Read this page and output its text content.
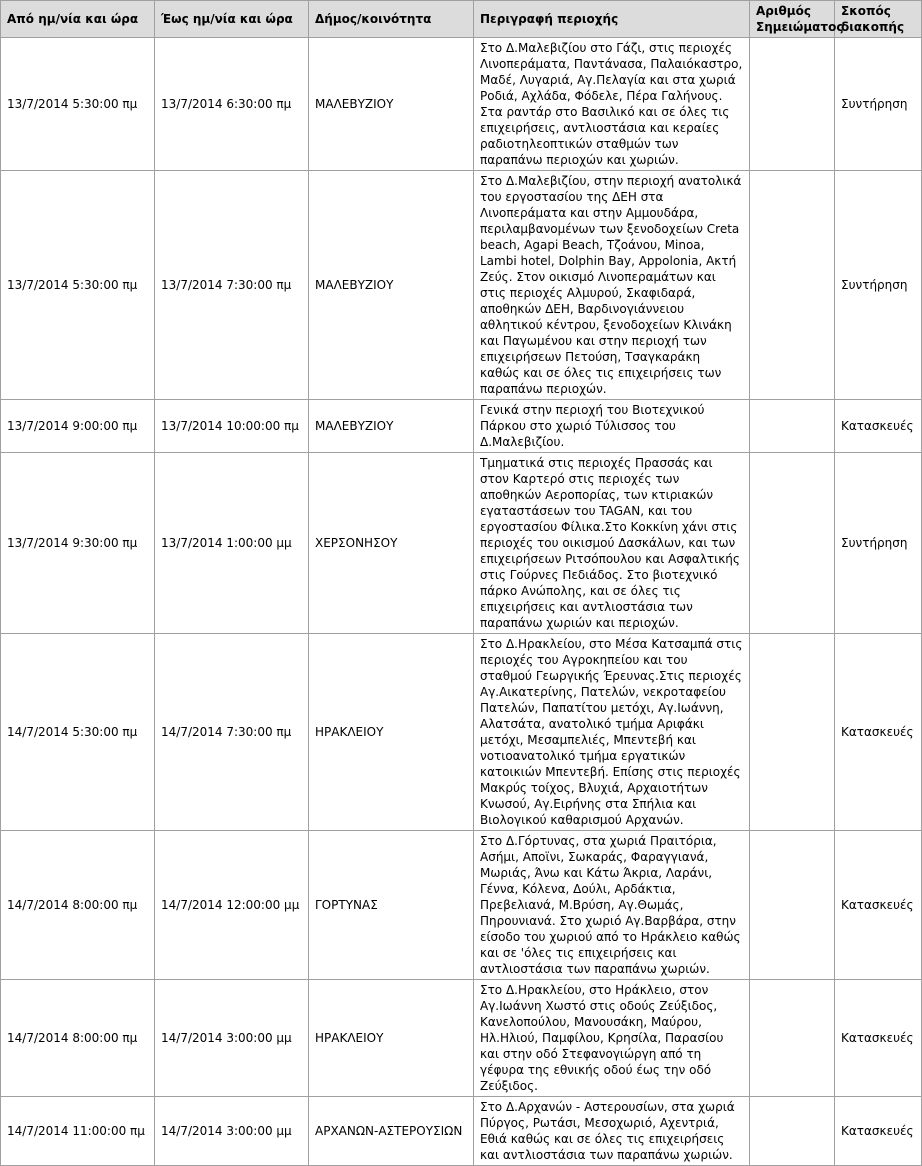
Από ημ/νία και ώρα	Έως ημ/νία και ώρα	Δήμος/κοινότητα	Περιγραφή περιοχής	Αριθμός Σημειώματος	Σκοπός διακοπής
13/7/2014 5:30:00 πμ	13/7/2014 6:30:00 πμ	ΜΑΛΕΒΥΖΙΟΥ	Στο Δ.Μαλεβιζίου στο Γάζι, στις περιοχές Λινοπεράματα, Παντάνασα, Παλαιόκαστρο, Μαδέ, Λυγαριά, Αγ.Πελαγία και στα χωριά Ροδιά, Αχλάδα, Φόδελε, Πέρα Γαλήνους. Στα ραντάρ στο Βασιλικό και σε όλες τις επιχειρήσεις, αντλιοστάσια και κεραίες ραδιοτηλεοπτικών σταθμών των παραπάνω περιοχών και χωριών.		Συντήρηση
13/7/2014 5:30:00 πμ	13/7/2014 7:30:00 πμ	ΜΑΛΕΒΥΖΙΟΥ	Στο Δ.Μαλεβιζίου, στην περιοχή ανατολικά του εργοστασίου της ΔΕΗ στα Λινοπεράματα και στην Αμμουδάρα, περιλαμβανομένων των ξενοδοχείων Creta beach, Agapi Beach, Τζοάνου, Minoa, Lambi hotel, Dolphin Bay, Appolonia, Ακτή Ζεύς. Στον οικισμό Λινοπεραμάτων και στις περιοχές Αλμυρού, Σκαφιδαρά, αποθηκών ΔΕΗ, Βαρδινογιάννειου αθλητικού κέντρου, ξενοδοχείων Κλινάκη και Παγωμένου και στην περιοχή των επιχειρήσεων Πετούση, Τσαγκαράκη καθώς και σε όλες τις επιχειρήσεις των παραπάνω περιοχών.		Συντήρηση
13/7/2014 9:00:00 πμ	13/7/2014 10:00:00 πμ	ΜΑΛΕΒΥΖΙΟΥ	Γενικά στην περιοχή του Βιοτεχνικού Πάρκου στο χωριό Τύλισσος του Δ.Μαλεβιζίου.		Κατασκευές
13/7/2014 9:30:00 πμ	13/7/2014 1:00:00 μμ	ΧΕΡΣΟΝΗΣΟΥ	Τμηματικά στις περιοχές Πρασσάς και στον Καρτερό στις περιοχές των αποθηκών Αεροπορίας, των κτιριακών εγαταστάσεων του TAGAN, και του εργοστασίου Φίλικα.Στο Κοκκίνη χάνι στις περιοχές του οικισμού Δασκάλων, και των επιχειρήσεων Ριτσόπουλου και Ασφαλτικής στις Γούρνες Πεδιάδος. Στο βιοτεχνικό πάρκο Ανώπολης, και σε όλες τις επιχειρήσεις και αντλιοστάσια των παραπάνω χωριών και περιοχών.		Συντήρηση
14/7/2014 5:30:00 πμ	14/7/2014 7:30:00 πμ	ΗΡΑΚΛΕΙΟΥ	Στο Δ.Ηρακλείου, στο Μέσα Κατσαμπά στις περιοχές του Αγροκηπείου και του σταθμού Γεωργικής Έρευνας.Στις περιοχές Αγ.Αικατερίνης, Πατελών, νεκροταφείου Πατελών, Παπατίτου μετόχι, Αγ.Ιωάννη, Αλατσάτα, ανατολικό τμήμα Αριφάκι μετόχι, Μεσαμπελιές, Μπεντεβή και νοτιοανατολικό τμήμα εργατικών κατοικιών Μπεντεβή. Επίσης στις περιοχές Μακρύς τοίχος, Βλυχιά, Αρχαιοτήτων Κνωσού, Αγ.Ειρήνης στα Σπήλια και Βιολογικού καθαρισμού Αρχανών.		Κατασκευές
14/7/2014 8:00:00 πμ	14/7/2014 12:00:00 μμ	ΓΟΡΤΥΝΑΣ	Στο Δ.Γόρτυνας, στα χωριά Πραιτόρια, Ασήμι, Αποϊνι, Σωκαράς, Φαραγγιανά, Μωριάς, Άνω και Κάτω Άκρια, Λαράνι, Γέννα, Κόλενα, Δούλι, Αρδάκτια, Πρεβελιανά, Μ.Βρύση, Αγ.Θωμάς, Πηρουνιανά. Στο χωριό Αγ.Βαρβάρα, στην είσοδο του χωριού από το Ηράκλειο καθώς και σε 'όλες τις επιχειρήσεις και αντλιοστάσια των παραπάνω χωριών.		Κατασκευές
14/7/2014 8:00:00 πμ	14/7/2014 3:00:00 μμ	ΗΡΑΚΛΕΙΟΥ	Στο Δ.Ηρακλείου, στο Ηράκλειο, στον Αγ.Ιωάννη Χωστό στις οδούς Ζεύξιδος, Κανελοπούλου, Μανουσάκη, Μαύρου, Ηλ.Ηλιού, Παμφίλου, Κρησίλα, Παρασίου και στην οδό Στεφανογιώργη από τη γέφυρα της εθνικής οδού έως την οδό Ζεύξιδος.		Κατασκευές
14/7/2014 11:00:00 πμ	14/7/2014 3:00:00 μμ	ΑΡΧΑΝΩΝ-ΑΣΤΕΡΟΥΣΙΩΝ	Στο Δ.Αρχανών - Αστερουσίων, στα χωριά Πύργος, Ρωτάσι, Μεσοχωριό, Αχεντριά, Εθιά καθώς και σε όλες τις επιχειρήσεις και αντλιοστάσια των παραπάνω χωριών.		Κατασκευές
